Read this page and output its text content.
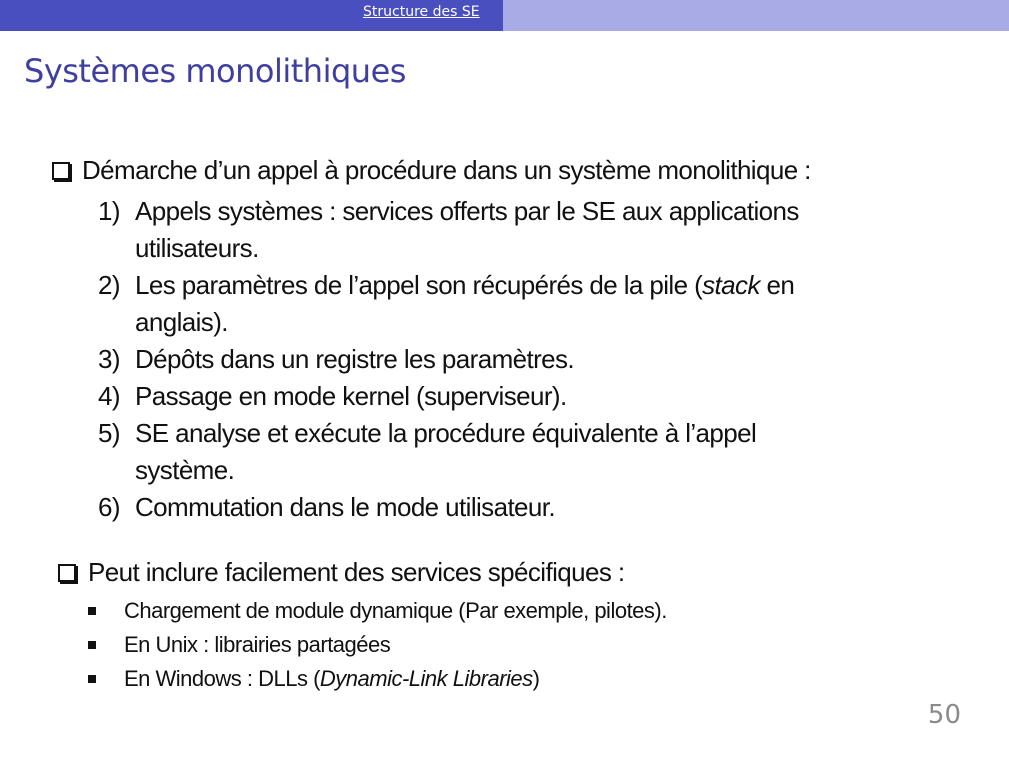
Structure des SE
Systèmes monolithiques
Démarche d’un appel à procédure dans un système monolithique :
1) Appels systèmes : services offerts par le SE aux applications
utilisateurs.
2) Les paramètres de l’appel son récupérés de la pile (stack en
anglais).
3) Dépôts dans un registre les paramètres.
4) Passage en mode kernel (superviseur).
5) SE analyse et exécute la procédure équivalente à l’appel
système.
6) Commutation dans le mode utilisateur.
Peut inclure facilement des services spécifiques :
Chargement de module dynamique (Par exemple, pilotes).
En Unix : librairies partagées
En Windows : DLLs (Dynamic-Link Libraries)
50
